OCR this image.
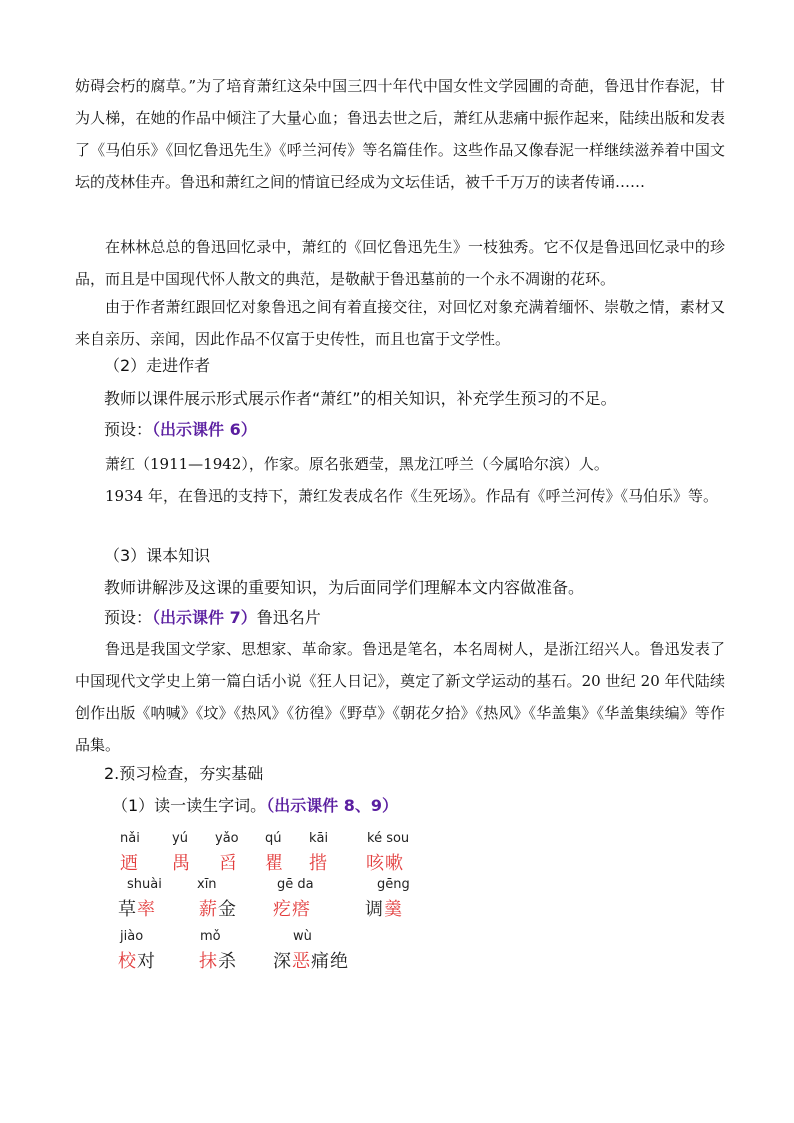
妨碍会朽的腐草。”为了培育萧红这朵中国三四十年代中国女性文学园圃的奇葩，鲁迅甘作春泥，甘为人梯，在她的作品中倾注了大量心血；鲁迅去世之后，萧红从悲痛中振作起来，陆续出版和发表了《马伯乐》《回忆鲁迅先生》《呼兰河传》等名篇佳作。这些作品又像春泥一样继续滋养着中国文坛的茂林佳卉。鲁迅和萧红之间的情谊已经成为文坛佳话，被千千万万的读者传诵……
在林林总总的鲁迅回忆录中，萧红的《回忆鲁迅先生》一枝独秀。它不仅是鲁迅回忆录中的珍品，而且是中国现代怀人散文的典范，是敬献于鲁迅墓前的一个永不凋谢的花环。
由于作者萧红跟回忆对象鲁迅之间有着直接交往，对回忆对象充满着缅怀、崇敬之情，素材又来自亲历、亲闻，因此作品不仅富于史传性，而且也富于文学性。
（2）走进作者
教师以课件展示形式展示作者“萧红”的相关知识，补充学生预习的不足。
预设：（出示课件 6）
萧红（1911—1942），作家。原名张廼莹，黑龙江呼兰（今属哈尔滨）人。
1934 年，在鲁迅的支持下，萧红发表成名作《生死场》。作品有《呼兰河传》《马伯乐》等。
（3）课本知识
教师讲解涉及这课的重要知识，为后面同学们理解本文内容做准备。
预设：（出示课件 7）鲁迅名片
鲁迅是我国文学家、思想家、革命家。鲁迅是笔名，本名周树人，是浙江绍兴人。鲁迅发表了中国现代文学史上第一篇白话小说《狂人日记》，奠定了新文学运动的基石。20 世纪 20 年代陆续创作出版《呐喊》《坟》《热风》《彷徨》《野草》《朝花夕拾》《热风》《华盖集》《华盖集续编》等作品集。
2.预习检查，夯实基础
（1）读一读生字词。（出示课件 8、9）
nǎi
迺
yú
禺
yǎo
舀
qú
瞿
kāi
揩
ké sou
咳嗽
shuài
草率
xīn
薪金
gē da
疙瘩
gēng
调羹
jiào
校对
mǒ
抹杀
wù
深恶痛绝
